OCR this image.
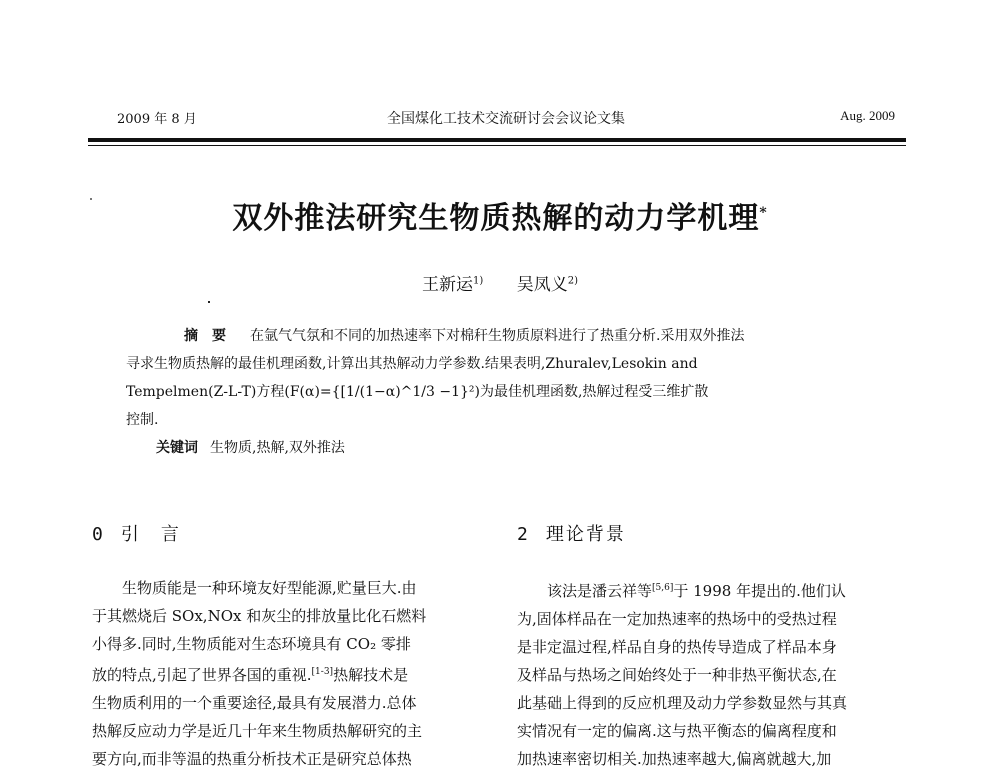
2009 年 8 月	全国煤化工技术交流研讨会会议论文集	Aug. 2009
双外推法研究生物质热解的动力学机理*
王新运$^{1)}$ 吴凤义$^{2)}$
摘要 在氩气气氛和不同的加热速率下对棉秆生物质原料进行了热重分析.采用双外推法
寻求生物质热解的最佳机理函数,计算出其热解动力学参数.结果表明,Zhuralev,Lesokin and
Tempelmen(Z-L-T)方程(F(α)={[1/(1−α)^1/3 −1}²)为最佳机理函数,热解过程受三维扩散
控制.
关键词 生物质,热解,双外推法
0 引　言	2 理论背景
生物质能是一种环境友好型能源,贮量巨大.由
于其燃烧后 SOx,NOx 和灰尘的排放量比化石燃料
小得多.同时,生物质能对生态环境具有 CO₂ 零排
放的特点,引起了世界各国的重视.[1-3]热解技术是
生物质利用的一个重要途径,最具有发展潜力.总体
热解反应动力学是近几十年来生物质热解研究的主
要方向,而非等温的热重分析技术正是研究总体热
该法是潘云祥等[5,6]于 1998 年提出的.他们认
为,固体样品在一定加热速率的热场中的受热过程
是非定温过程,样品自身的热传导造成了样品本身
及样品与热场之间始终处于一种非热平衡状态,在
此基础上得到的反应机理及动力学参数显然与其真
实情况有一定的偏离.这与热平衡态的偏离程度和
加热速率密切相关.加热速率越大,偏离就越大,加
